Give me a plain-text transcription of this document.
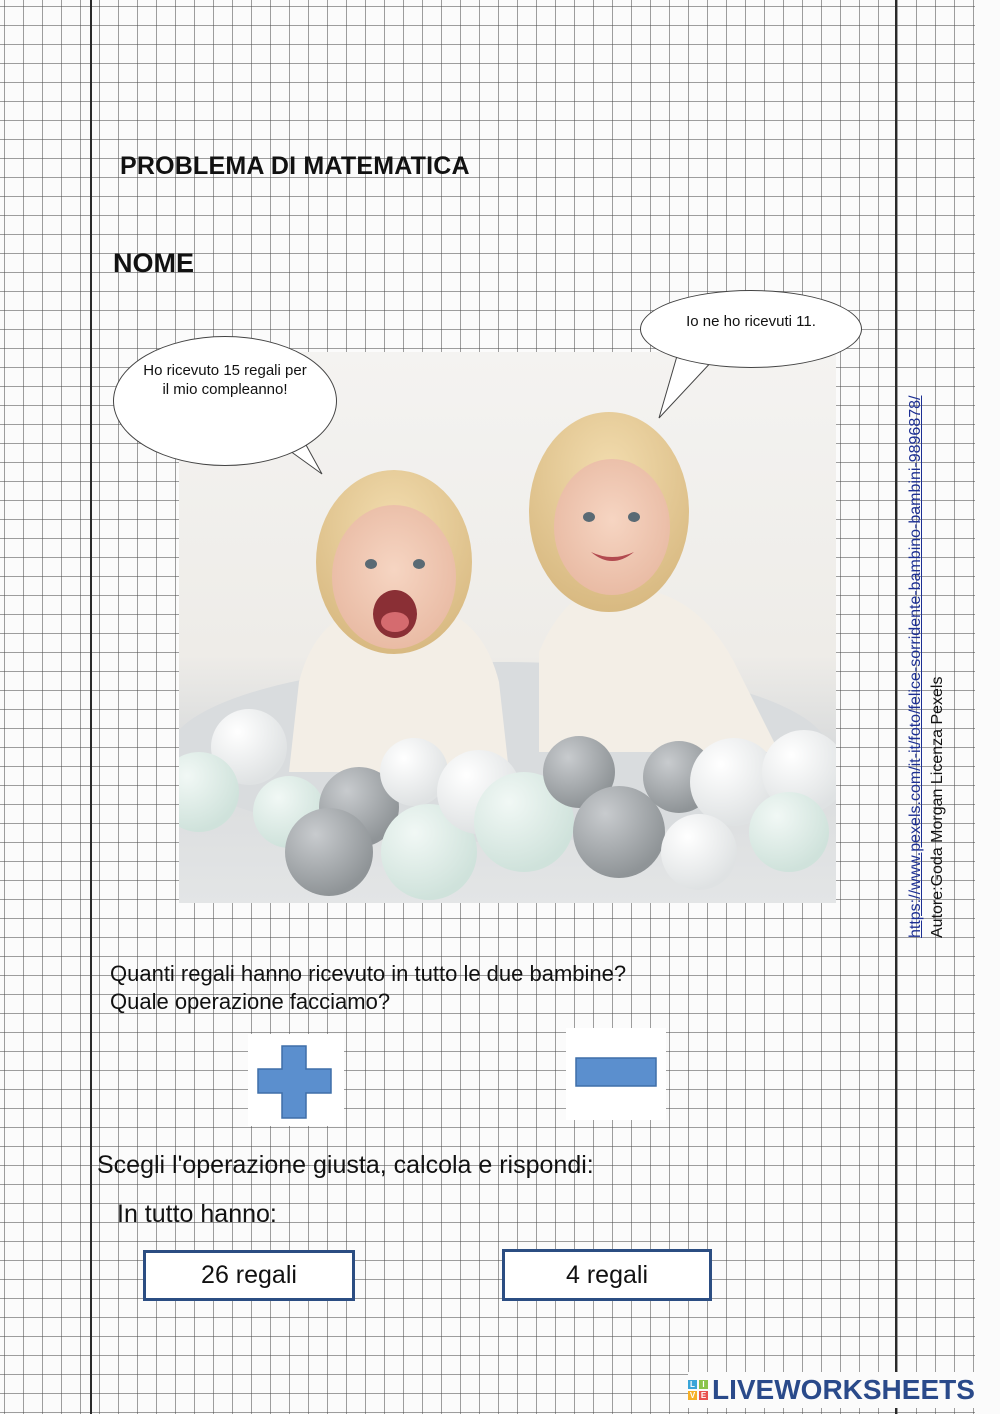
PROBLEMA DI MATEMATICA
NOME
Ho ricevuto 15 regali per il mio compleanno!
Io ne ho ricevuti 11.
https://www.pexels.com/it-it/foto/felice-sorridente-bambino-bambini-9896878/ Autore:Goda Morgan Licenza Pexels
Quanti regali hanno ricevuto in tutto le due bambine?
Quale operazione facciamo?
Scegli l'operazione giusta, calcola e rispondi:
In tutto hanno:
26 regali	4 regali
L I
V E LIVEWORKSHEETS
